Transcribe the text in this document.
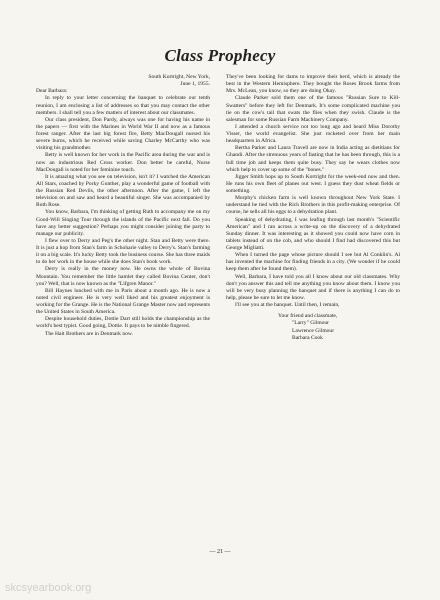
Class Prophecy

South Kortright, New York,

June 1, 1955.

Dear Barbara:

In reply to your letter concerning the banquet to celebrate our tenth reunion, I am enclosing a list of addresses so that you may contact the other members. I shall tell you a few matters of interest about our classmates.

Our class president, Don Pardy, always was one for having his name in the papers — first with the Marines in World War II and now as a famous forest ranger. After the last big forest fire, Betty MacDougall nursed his severe burns, which he received while saving Charley McCarthy who was visiting his grandmother.

Betty is well known for her work in the Pacific area during the war and is now an industrious Red Cross worker. Don better be careful, Nurse MacDougall is noted for her feminine touch.

It is amazing what you see on television, isn't it? I watched the American All Stars, coached by Porky Gunther, play a wonderful game of football with the Russian Red Devils, the other afternoon. After the game, I left the television on and saw and heard a beautiful singer. She was accompanied by Ruth Rose.

You know, Barbara, I'm thinking of getting Ruth to accompany me on my Good-Will Singing Tour through the islands of the Pacific next fall. Do you have any better suggestion? Perhaps you might consider joining the party to manage our publicity.

I flew over to Derry and Peg's the other night. Stan and Betty were there. It is just a hop from Stan's farm in Schoharie valley to Derry's. Stan's farming it on a big scale. It's lucky Betty took the business course. She has three maids to do her work in the house while she does Stan's book work.

Derry is really in the money now. He owns the whole of Bovina Mountain. You remember the little hamlet they called Bovina Center, don't you? Well, that is now known as the "Lifgren Manor."

Bill Haynes lunched with me in Paris about a month ago. He is now a noted civil engineer. He is very well liked and his greatest enjoyment is working for the Grange. He is the National Grange Master now and represents the United States in South America.

Despite household duties, Dottie Dart still holds the championship as the world's best typist. Good going, Dottie. It pays to be nimble fingered.

The Hait Brothers are in Denmark now.

They've been looking for dams to improve their herd, which is already the best in the Western Hemisphere. They bought the Roses Brook farms from Mrs. McLean, you know, so they are doing Okay.

Claude Parker sold them one of the famous "Russian Sure to Kill-Swatters" before they left for Denmark. It's some complicated machine you tie on the cow's tail that swats the flies when they swish. Claude is the salesman for some Russian Farm Machinery Company.

I attended a church service not too long ago and heard Miss Dorothy Visser, the world evangelist. She just rocketed over from her main headquarters in Africa.

Bertha Parker and Laura Travell are now in India acting as dietitians for Ghandi. After the strenuous years of fasting that he has been through, this is a full time job and keeps them quite busy. They say he wears clothes now which help to cover up some of the "bones."

Jigger Smith hops up to South Kortright for the week-end now and then. He runs his own fleet of planes out west. I guess they dust wheat fields or something.

Murphy's chicken farm is well known throughout New York State. I understand he tied with the Rich Brothers in this profit-making enterprise. Of course, he sells all his eggs to a dehydration plant.

Speaking of dehydrating, I was leafing through last month's "Scientific American" and I ran across a write-up on the discovery of a dehydrated Sunday dinner. It was interesting as it showed you could now have corn in tablets instead of on the cob, and who should I find had discovered this but George Migliatti.

When I turned the page whose picture should I see but Al Conklin's. Al has invented the machine for finding friends in a city. (We wonder if he could keep them after he found them).

Well, Barbara, I have told you all I know about our old classmates. Why don't you answer this and tell me anything you know about them. I know you will be very busy planning the banquet and if there is anything I can do to help, please be sure to let me know.

I'll see you at the banquet. Until then, I remain,

Your friend and classmate,
"Larry" Gilmour
Lawrence Gilmour
Barbara Cook
— 21 —
skcsyearbook.org
